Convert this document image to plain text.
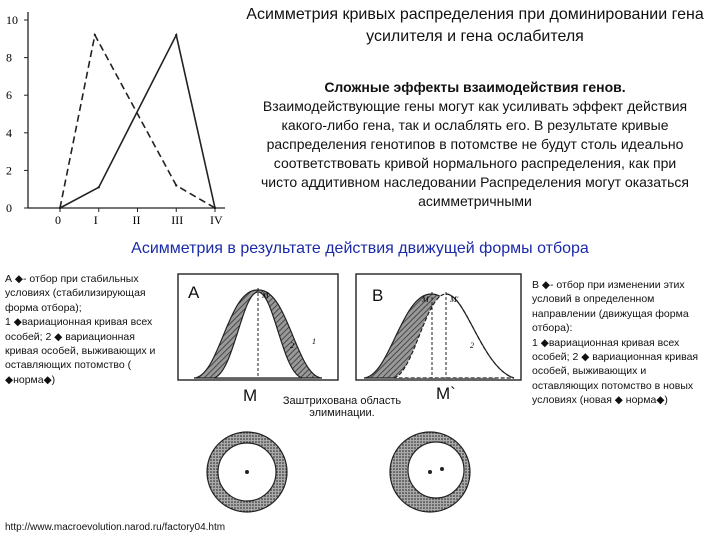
Асимметрия кривых распределения при доминировании гена усилителя и гена ослабителя
Сложные эффекты взаимодействия генов.
Взаимодействующие гены могут как усиливать эффект действия какого-либо гена, так и ослаблять его. В результате кривые распределения генотипов в потомстве не будут столь идеально соответствовать кривой нормального распределения, как при чисто аддитивном наследовании Распределения могут оказаться асимметричными
0
2
4
6
8
10
0	I	II	III IV
Асимметрия в результате действия движущей формы отбора
А ◆- отбор при стабильных условиях (стабилизирующая форма отбора);
1 ◆вариационная кривая всех особей; 2 ◆ вариационная кривая особей, выживающих и оставляющих потомство ( ◆норма◆)
В ◆- отбор при изменении этих условий в определенном направлении (движущая форма отбора):
1 ◆вариационная кривая всех особей; 2 ◆ вариационная кривая особей, выживающих и оставляющих потомство в новых условиях (новая ◆ норма◆)
М
1
2
А
М
М	М'
2
В
М`
Заштрихована область элиминации.
http://www.macroevolution.narod.ru/factory04.htm
